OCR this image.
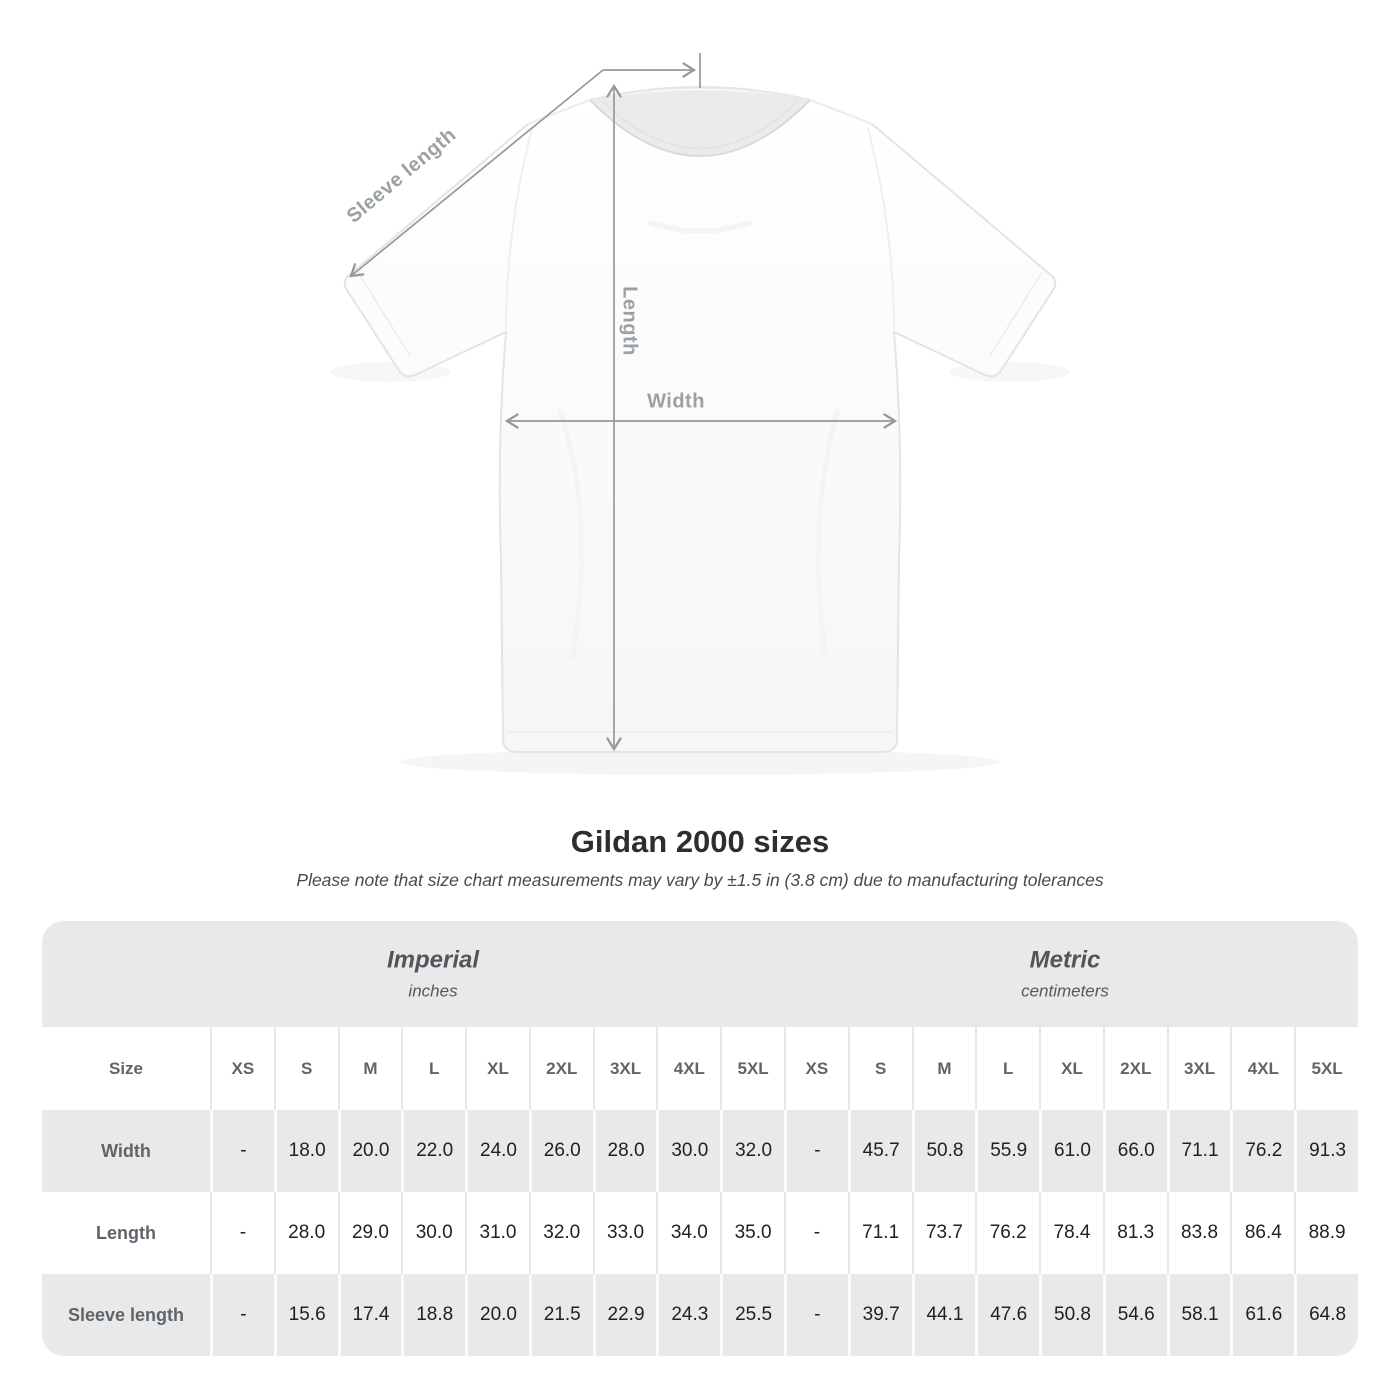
Sleeve length
Length
Width
Gildan 2000 sizes
Please note that size chart measurements may vary by ±1.5 in (3.8 cm) due to manufacturing tolerances
Imperial
inches
Metric
centimeters
Size	XS	S	M	L	XL	2XL	3XL	4XL	5XL	XS	S	M	L	XL	2XL	3XL	4XL	5XL
Width	-	18.0	20.0	22.0	24.0	26.0	28.0	30.0	32.0	-	45.7	50.8	55.9	61.0	66.0	71.1	76.2	91.3
Length	-	28.0	29.0	30.0	31.0	32.0	33.0	34.0	35.0	-	71.1	73.7	76.2	78.4	81.3	83.8	86.4	88.9
Sleeve length	-	15.6	17.4	18.8	20.0	21.5	22.9	24.3	25.5	-	39.7	44.1	47.6	50.8	54.6	58.1	61.6	64.8
